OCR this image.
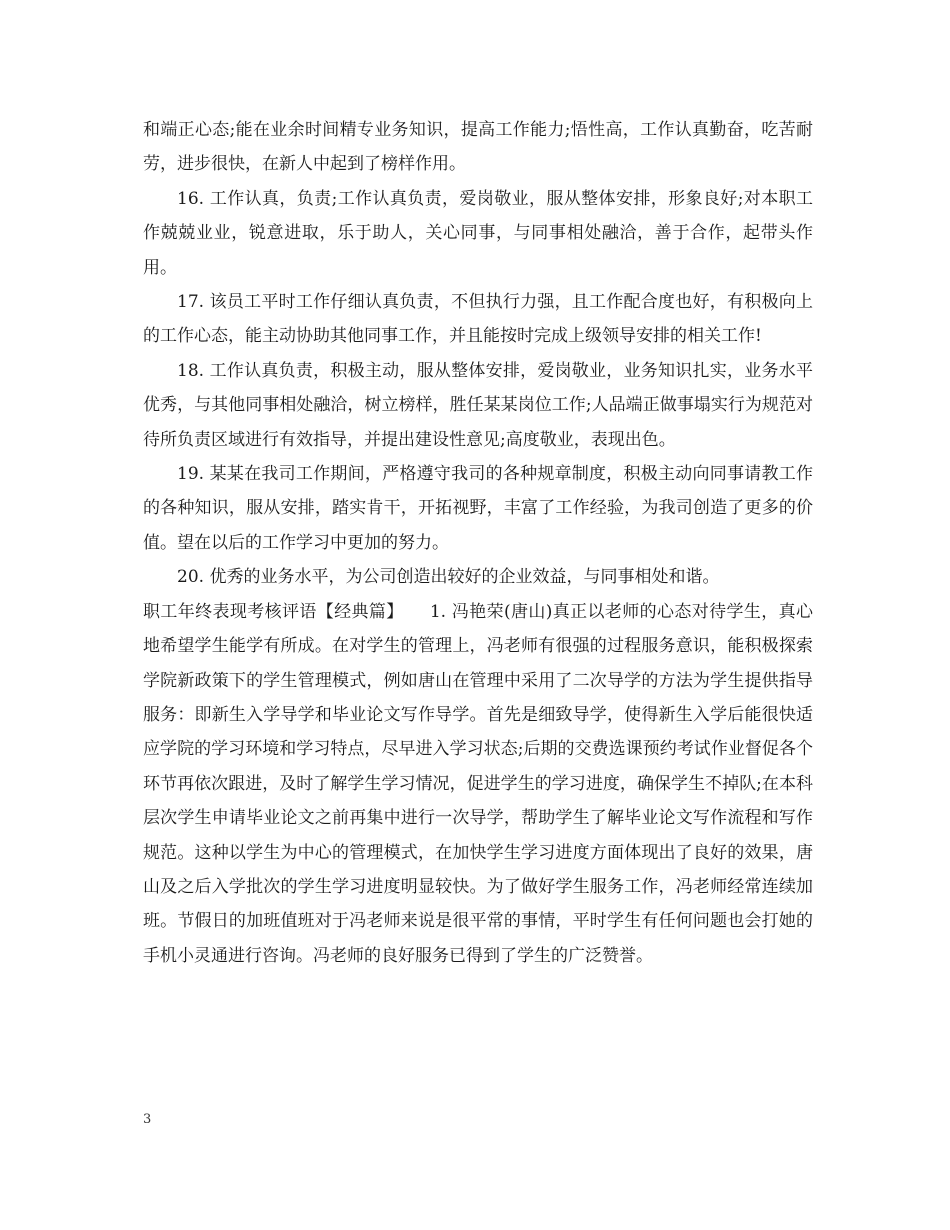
和端正心态;能在业余时间精专业务知识，提高工作能力;悟性高，工作认真勤奋，吃苦耐劳，进步很快，在新人中起到了榜样作用。

16. 工作认真，负责;工作认真负责，爱岗敬业，服从整体安排，形象良好;对本职工作兢兢业业，锐意进取，乐于助人，关心同事，与同事相处融洽，善于合作，起带头作用。

17. 该员工平时工作仔细认真负责，不但执行力强，且工作配合度也好，有积极向上的工作心态，能主动协助其他同事工作，并且能按时完成上级领导安排的相关工作!

18. 工作认真负责，积极主动，服从整体安排，爱岗敬业，业务知识扎实，业务水平优秀，与其他同事相处融洽，树立榜样，胜任某某岗位工作;人品端正做事塌实行为规范对待所负责区域进行有效指导，并提出建设性意见;高度敬业，表现出色。

19. 某某在我司工作期间，严格遵守我司的各种规章制度，积极主动向同事请教工作的各种知识，服从安排，踏实肯干，开拓视野，丰富了工作经验，为我司创造了更多的价值。望在以后的工作学习中更加的努力。

20. 优秀的业务水平，为公司创造出较好的企业效益，与同事相处和谐。

职工年终表现考核评语【经典篇】　　1. 冯艳荣(唐山)真正以老师的心态对待学生，真心地希望学生能学有所成。在对学生的管理上，冯老师有很强的过程服务意识，能积极探索学院新政策下的学生管理模式，例如唐山在管理中采用了二次导学的方法为学生提供指导服务：即新生入学导学和毕业论文写作导学。首先是细致导学，使得新生入学后能很快适应学院的学习环境和学习特点，尽早进入学习状态;后期的交费选课预约考试作业督促各个环节再依次跟进，及时了解学生学习情况，促进学生的学习进度，确保学生不掉队;在本科层次学生申请毕业论文之前再集中进行一次导学，帮助学生了解毕业论文写作流程和写作规范。这种以学生为中心的管理模式，在加快学生学习进度方面体现出了良好的效果，唐山及之后入学批次的学生学习进度明显较快。为了做好学生服务工作，冯老师经常连续加班。节假日的加班值班对于冯老师来说是很平常的事情，平时学生有任何问题也会打她的手机小灵通进行咨询。冯老师的良好服务已得到了学生的广泛赞誉。

3
